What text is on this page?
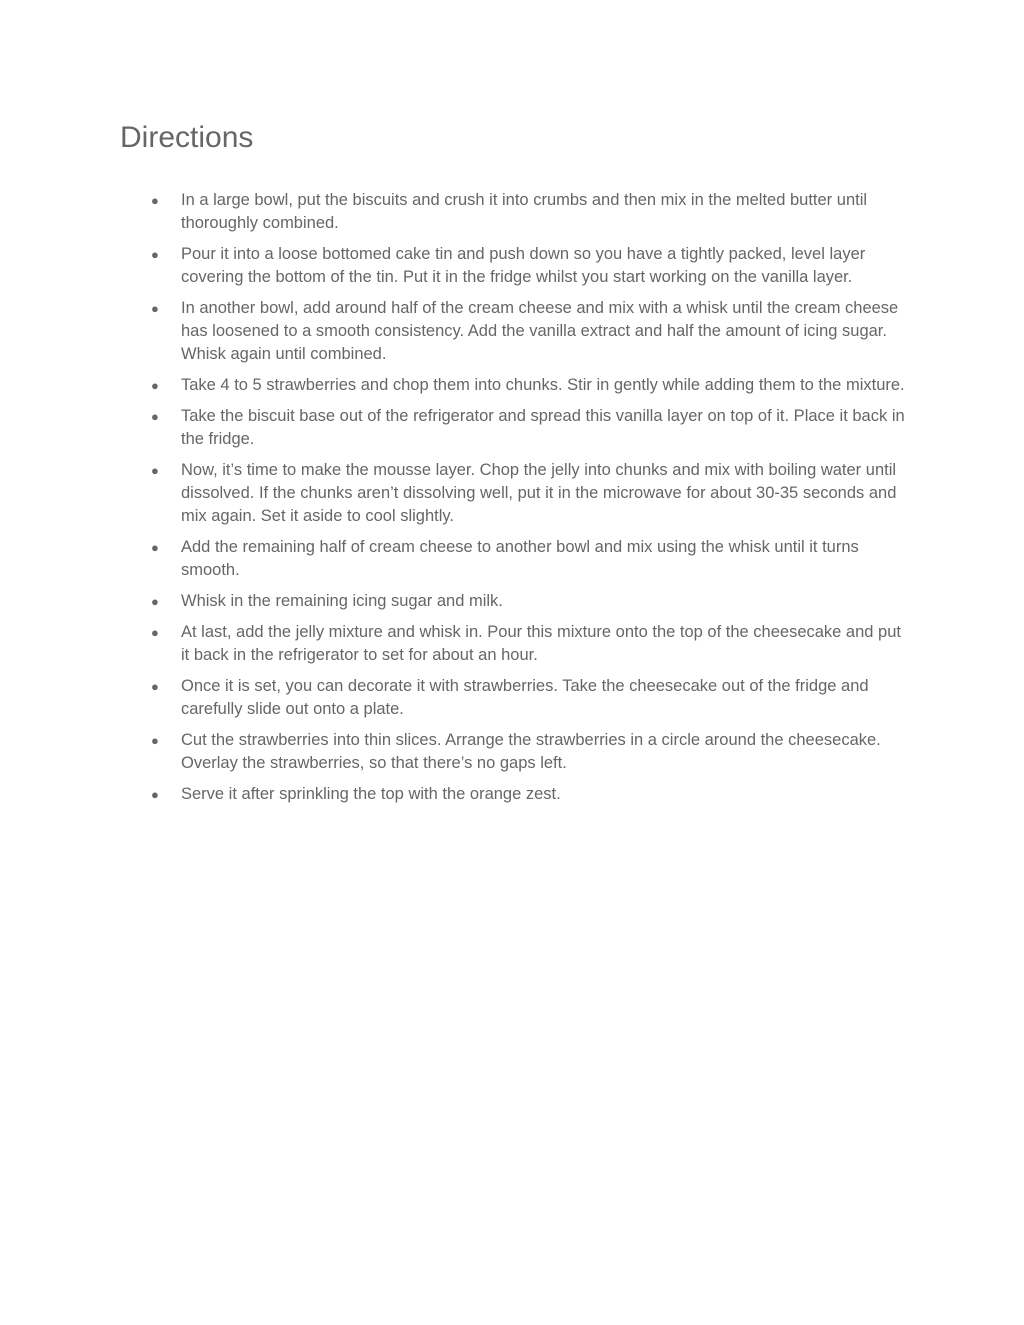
Directions
● In a large bowl, put the biscuits and crush it into crumbs and then mix in the melted butter until thoroughly combined.
● Pour it into a loose bottomed cake tin and push down so you have a tightly packed, level layer covering the bottom of the tin. Put it in the fridge whilst you start working on the vanilla layer.
● In another bowl, add around half of the cream cheese and mix with a whisk until the cream cheese has loosened to a smooth consistency. Add the vanilla extract and half the amount of icing sugar. Whisk again until combined.
● Take 4 to 5 strawberries and chop them into chunks. Stir in gently while adding them to the mixture.
● Take the biscuit base out of the refrigerator and spread this vanilla layer on top of it. Place it back in the fridge.
● Now, it’s time to make the mousse layer. Chop the jelly into chunks and mix with boiling water until dissolved. If the chunks aren’t dissolving well, put it in the microwave for about 30-35 seconds and mix again. Set it aside to cool slightly.
● Add the remaining half of cream cheese to another bowl and mix using the whisk until it turns smooth.
● Whisk in the remaining icing sugar and milk.
● At last, add the jelly mixture and whisk in. Pour this mixture onto the top of the cheesecake and put it back in the refrigerator to set for about an hour.
● Once it is set, you can decorate it with strawberries. Take the cheesecake out of the fridge and carefully slide out onto a plate.
● Cut the strawberries into thin slices. Arrange the strawberries in a circle around the cheesecake. Overlay the strawberries, so that there’s no gaps left.
● Serve it after sprinkling the top with the orange zest.
